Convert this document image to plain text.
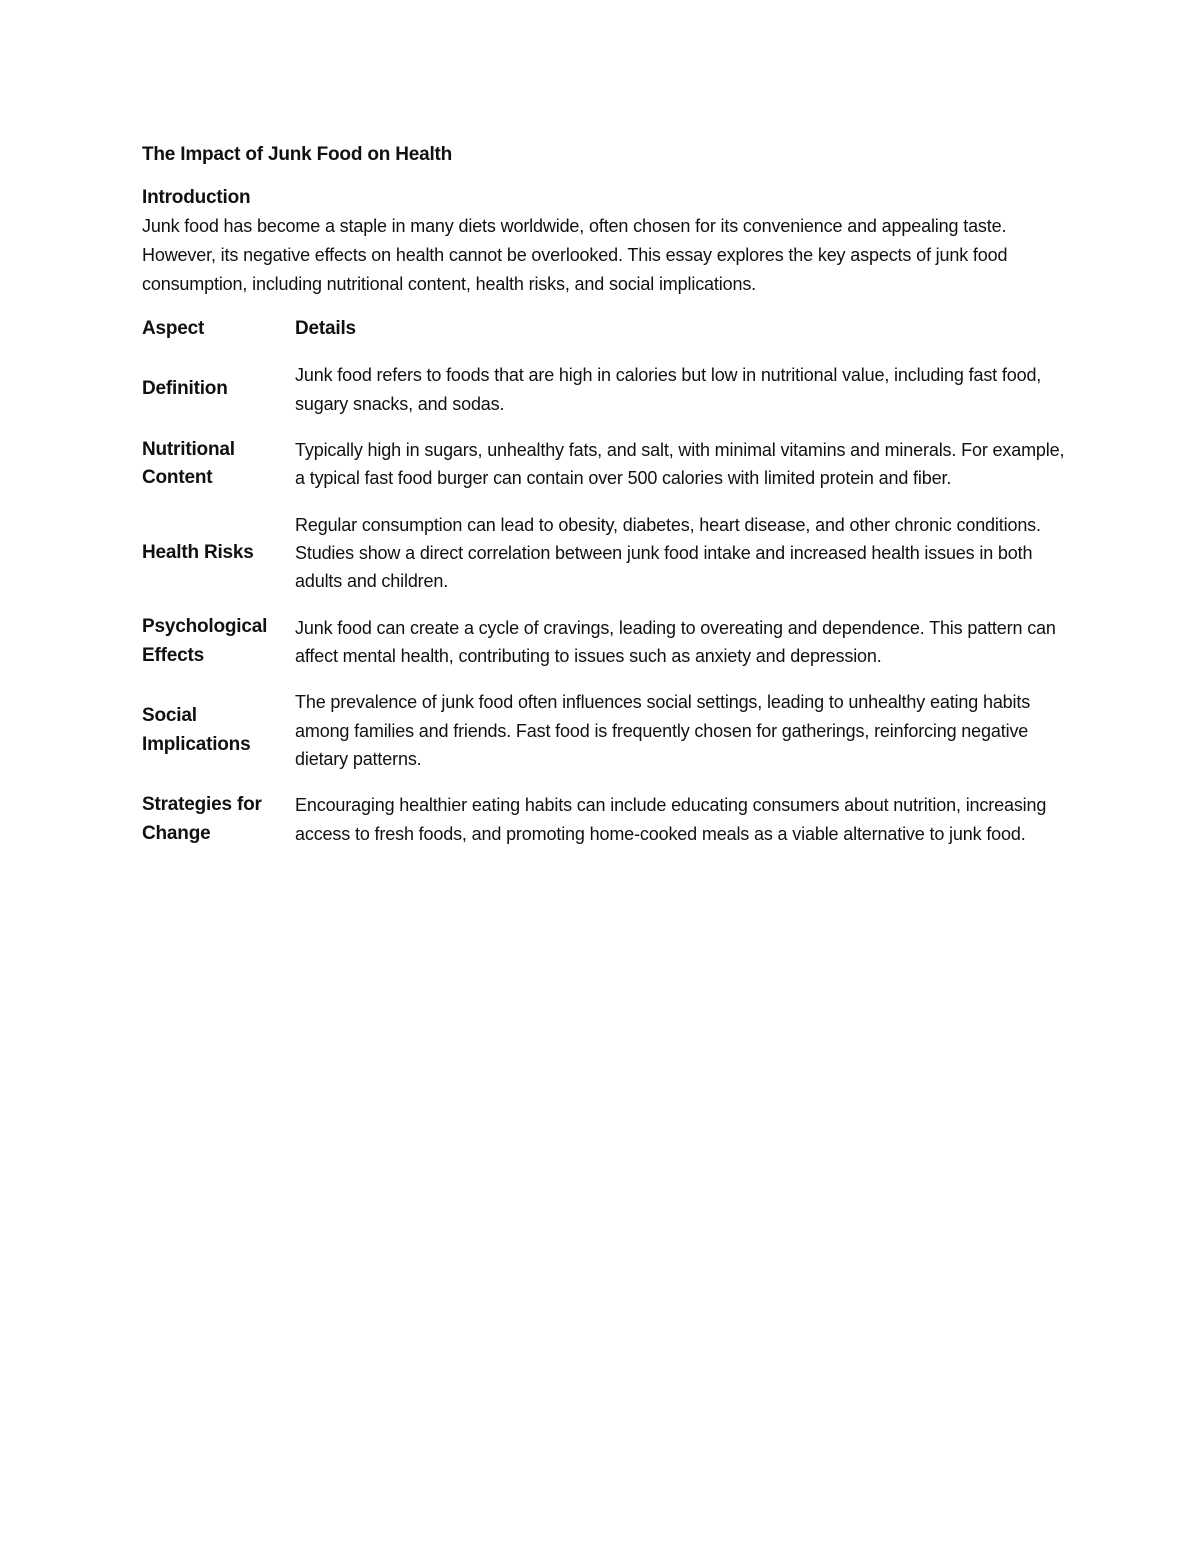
The Impact of Junk Food on Health
Introduction

Junk food has become a staple in many diets worldwide, often chosen for its convenience and appealing taste. However, its negative effects on health cannot be overlooked. This essay explores the key aspects of junk food consumption, including nutritional content, health risks, and social implications.

Aspect	Details
Definition	Junk food refers to foods that are high in calories but low in nutritional value, including fast food, sugary snacks, and sodas.
Nutritional Content	Typically high in sugars, unhealthy fats, and salt, with minimal vitamins and minerals. For example, a typical fast food burger can contain over 500 calories with limited protein and fiber.
Health Risks	Regular consumption can lead to obesity, diabetes, heart disease, and other chronic conditions. Studies show a direct correlation between junk food intake and increased health issues in both adults and children.
Psychological Effects	Junk food can create a cycle of cravings, leading to overeating and dependence. This pattern can affect mental health, contributing to issues such as anxiety and depression.
Social Implications	The prevalence of junk food often influences social settings, leading to unhealthy eating habits among families and friends. Fast food is frequently chosen for gatherings, reinforcing negative dietary patterns.
Strategies for Change	Encouraging healthier eating habits can include educating consumers about nutrition, increasing access to fresh foods, and promoting home-cooked meals as a viable alternative to junk food.
